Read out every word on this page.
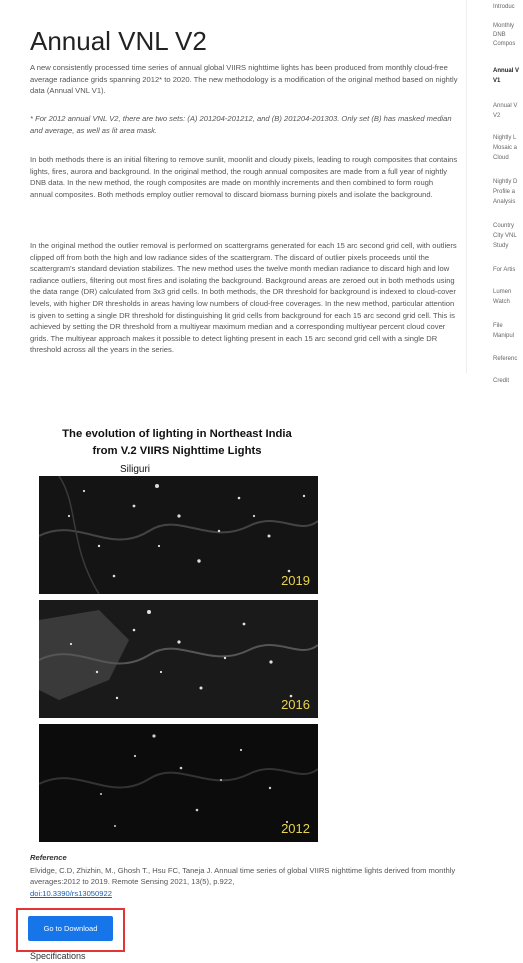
Annual VNL V2

A new consistently processed time series of annual global VIIRS nighttime lights has been produced from monthly cloud-free average radiance grids spanning 2012* to 2020. The new methodology is a modification of the original method based on nightly data (Annual VNL V1).

* For 2012 annual VNL V2, there are two sets: (A) 201204-201212, and (B) 201204-201303. Only set (B) has masked median and average, as well as lit area mask.

In both methods there is an initial filtering to remove sunlit, moonlit and cloudy pixels, leading to rough composites that contains lights, fires, aurora and background. In the original method, the rough annual composites are made from a full year of nightly DNB data. In the new method, the rough composites are made on monthly increments and then combined to form rough annual composites. Both methods employ outlier removal to discard biomass burning pixels and isolate the background.

In the original method the outlier removal is performed on scattergrams generated for each 15 arc second grid cell, with outliers clipped off from both the high and low radiance sides of the scattergram. The discard of outlier pixels proceeds until the scattergram's standard deviation stabilizes. The new method uses the twelve month median radiance to discard high and low radiance outliers, filtering out most fires and isolating the background. Background areas are zeroed out in both methods using the data range (DR) calculated from 3x3 grid cells. In both methods, the DR threshold for background is indexed to cloud-cover levels, with higher DR thresholds in areas having low numbers of cloud-free coverages. In the new method, particular attention is given to setting a single DR threshold for distinguishing lit grid cells from background for each 15 arc second grid cell. This is achieved by setting the DR threshold from a multiyear maximum median and a corresponding multiyear percent cloud cover grids. The multiyear approach makes it possible to detect lighting present in each 15 arc second grid cell with a single DR threshold across all the years in the series.

Introduc
Monthly
DNB
Compos
Annual V
V1
Annual V
V2
Nightly L
Mosaic a
Cloud
Nightly D
Profile a
Analysis
Country
City VNL
Study
For Artis
Lumen
Watch
File
Manipul
Referenc
Credit
The evolution of lighting in Northeast India
from V.2 VIIRS Nighttime Lights
2019
2016
2012
Siliguri
Reference
Elvidge, C.D, Zhizhin, M., Ghosh T., Hsu FC, Taneja J. Annual time series of global VIIRS nighttime lights derived from monthly averages:2012 to 2019. Remote Sensing 2021, 13(5), p.922,
doi:10.3390/rs13050922
Go to Download
Specifications
